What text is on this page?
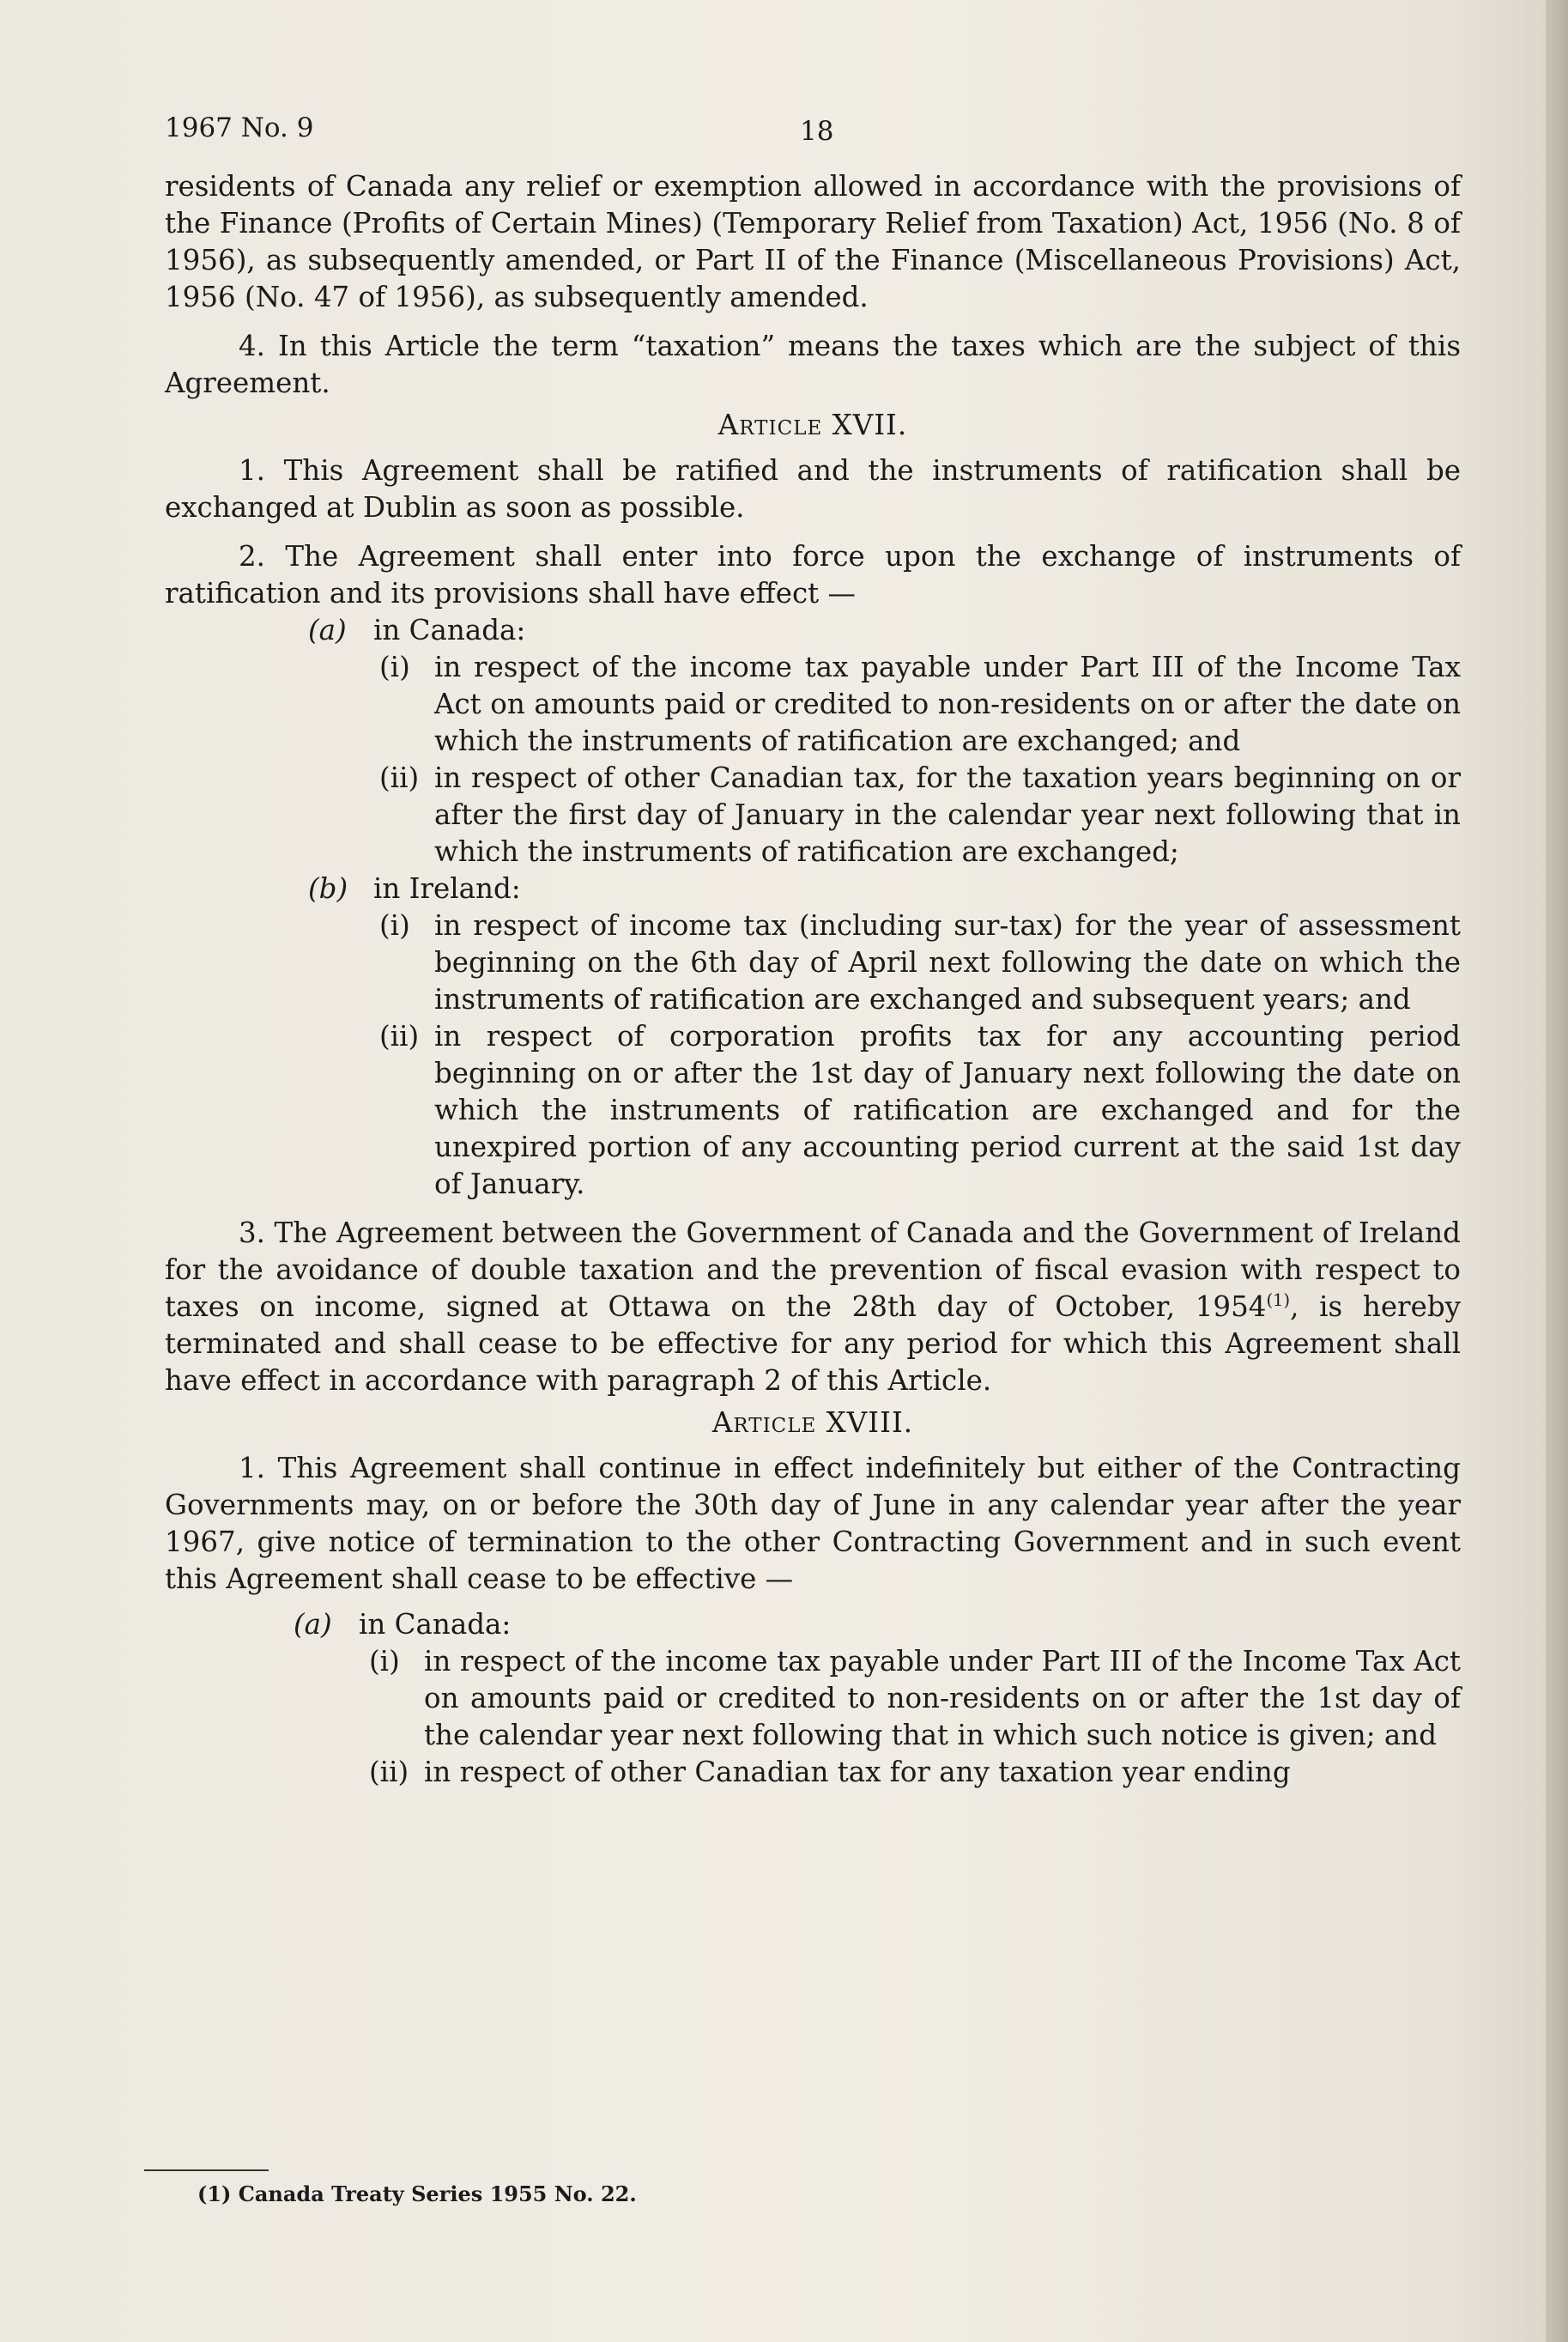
1967 No. 9	18

residents of Canada any relief or exemption allowed in accordance with the provisions of the Finance (Profits of Certain Mines) (Temporary Relief from Taxation) Act, 1956 (No. 8 of 1956), as subsequently amended, or Part II of the Finance (Miscellaneous Provisions) Act, 1956 (No. 47 of 1956), as subsequently amended.

4. In this Article the term “taxation” means the taxes which are the subject of this Agreement.

Article XVII.

1. This Agreement shall be ratified and the instruments of ratification shall be exchanged at Dublin as soon as possible.

2. The Agreement shall enter into force upon the exchange of instruments of ratification and its provisions shall have effect —

(a) in Canada:
(i) in respect of the income tax payable under Part III of the Income Tax Act on amounts paid or credited to non-residents on or after the date on which the instruments of ratification are exchanged; and
(ii) in respect of other Canadian tax, for the taxation years beginning on or after the first day of January in the calendar year next following that in which the instruments of ratification are exchanged;
(b) in Ireland:
(i) in respect of income tax (including sur-tax) for the year of assessment beginning on the 6th day of April next following the date on which the instruments of ratification are exchanged and subsequent years; and
(ii) in respect of corporation profits tax for any accounting period beginning on or after the 1st day of January next following the date on which the instruments of ratification are exchanged and for the unexpired portion of any accounting period current at the said 1st day of January.

3. The Agreement between the Government of Canada and the Government of Ireland for the avoidance of double taxation and the prevention of fiscal evasion with respect to taxes on income, signed at Ottawa on the 28th day of October, 1954$^{(1)}$, is hereby terminated and shall cease to be effective for any period for which this Agreement shall have effect in accordance with paragraph 2 of this Article.

Article XVIII.

1. This Agreement shall continue in effect indefinitely but either of the Contracting Governments may, on or before the 30th day of June in any calendar year after the year 1967, give notice of termination to the other Contracting Government and in such event this Agreement shall cease to be effective —

(a) in Canada:
(i) in respect of the income tax payable under Part III of the Income Tax Act on amounts paid or credited to non-residents on or after the 1st day of the calendar year next following that in which such notice is given; and
(ii) in respect of other Canadian tax for any taxation year ending
(1) Canada Treaty Series 1955 No. 22.
